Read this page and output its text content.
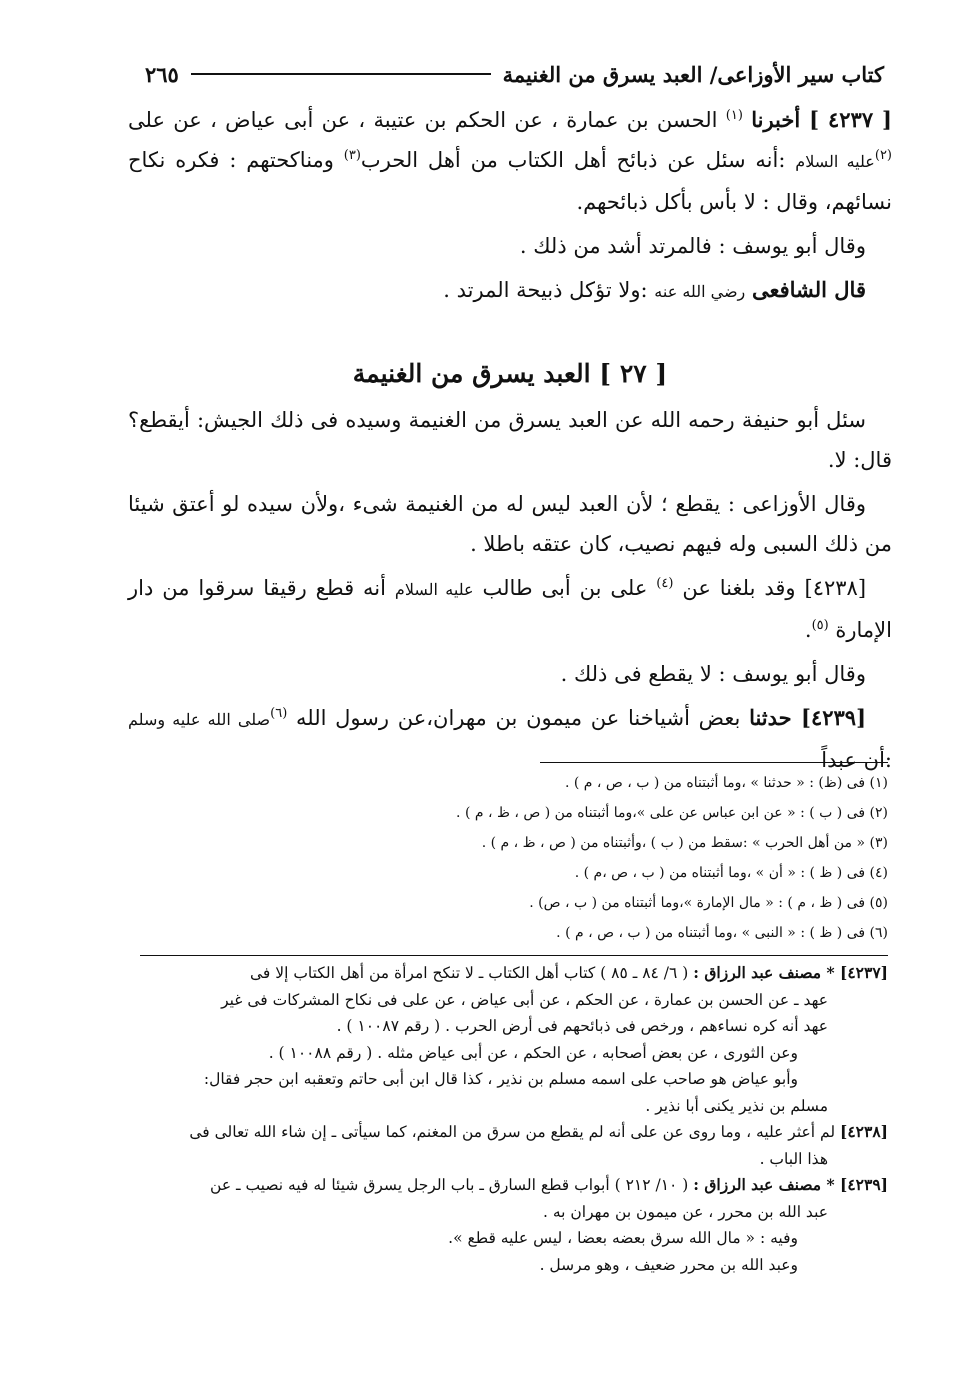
كتاب سير الأوزاعى/ العبد يسرق من الغنيمة
٢٦٥

[ ٤٢٣٧ ] أخبرنا $^{(١)}$ الحسن بن عمارة ، عن الحكم بن عتيبة ، عن أبى عياض ، عن على $^{(٢)}$عليه السلام :أنه سئل عن ذبائح أهل الكتاب من أهل الحرب$^{(٣)}$ ومناكحتهم : فكره نكاح نسائهم، وقال : لا بأس بأكل ذبائحهم.

وقال أبو يوسف : فالمرتد أشد من ذلك .

قال الشافعى رضي الله عنه :ولا تؤكل ذبيحة المرتد .

[ ٢٧ ] العبد يسرق من الغنيمة

سئل أبو حنيفة رحمه الله عن العبد يسرق من الغنيمة وسيده فى ذلك الجيش: أيقطع؟ قال: لا.

وقال الأوزاعى : يقطع ؛ لأن العبد ليس له من الغنيمة شىء ،ولأن سيده لو أعتق شيئا من ذلك السبى وله فيهم نصيب، كان عتقه باطلا .

[٤٢٣٨] وقد بلغنا عن $^{(٤)}$ على بن أبى طالب عليه السلام أنه قطع رقيقا سرقوا من دار الإمارة $^{(٥)}$.

وقال أبو يوسف : لا يقطع فى ذلك .

[٤٢٣٩] حدثنا بعض أشياخنا عن ميمون بن مهران،عن رسول الله $^{(٦)}$صلى الله عليه وسلم :أن عبداً

(١) فى (ظ) : « حدثنا » ،وما أثبتناه من ( ب ، ص ، م ) .
(٢) فى ( ب ) : « عن ابن عباس عن على »،وما أثبتناه من ( ص ، ظ ، م ) .
(٣) « من أهل الحرب » :سقط من ( ب ) ،وأثبتناه من ( ص ، ظ ، م ) .
(٤) فى ( ظ ) : « أن » ،وما أثبتناه من ( ب ، ص ،م ) .
(٥) فى ( ظ ، م ) : « مال الإمارة »،وما أثبتناه من ( ب ، ص) .
(٦) فى ( ظ ) : « النبى » ،وما أثبتناه من ( ب ، ص ، م ) .
[٤٢٣٧] * مصنف عبد الرزاق : ( ٦/ ٨٤ ـ ٨٥ ) كتاب أهل الكتاب ـ لا تنكح امرأة من أهل الكتاب إلا فى
عهد ـ عن الحسن بن عمارة ، عن الحكم ، عن أبى عياض ، عن على فى نكاح المشركات فى غير
عهد أنه كره نساءهم ، ورخص فى ذبائحهم فى أرض الحرب . ( رقم ١٠٠٨٧ ) .
وعن الثورى ، عن بعض أصحابه ، عن الحكم ، عن أبى عياض مثله . ( رقم ١٠٠٨٨ ) .
وأبو عياض هو صاحب على اسمه مسلم بن نذير ، كذا قال ابن أبى حاتم وتعقبه ابن حجر فقال:
مسلم بن نذير يكنى أبا نذير .
[٤٢٣٨] لم أعثر عليه ، وما روى عن على أنه لم يقطع من سرق من المغنم، كما سيأتى ـ إن شاء الله تعالى فى
هذا الباب .
[٤٢٣٩] * مصنف عبد الرزاق : ( ١٠/ ٢١٢ ) أبواب قطع السارق ـ باب الرجل يسرق شيئا له فيه نصيب ـ عن
عبد الله بن محرر ، عن ميمون بن مهران به .
وفيه : « مال الله سرق بعضه بعضا ، ليس عليه قطع ».
وعبد الله بن محرر ضعيف ، وهو مرسل .
